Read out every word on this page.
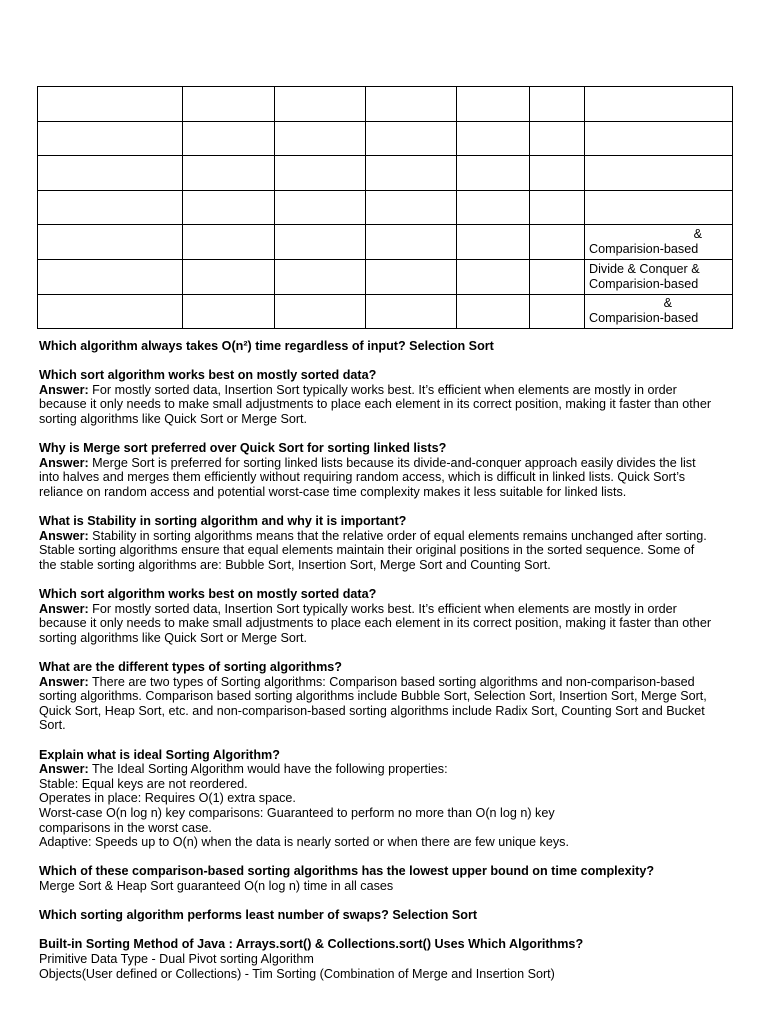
						&
Comparision-based

						Divide & Conquer &
Comparision-based

						&
Comparision-based
Which algorithm always takes O(n²) time regardless of input? Selection Sort
Which sort algorithm works best on mostly sorted data?
Answer: For mostly sorted data, Insertion Sort typically works best. It’s efficient when elements are mostly in order
because it only needs to make small adjustments to place each element in its correct position, making it faster than other
sorting algorithms like Quick Sort or Merge Sort.
Why is Merge sort preferred over Quick Sort for sorting linked lists?
Answer: Merge Sort is preferred for sorting linked lists because its divide-and-conquer approach easily divides the list
into halves and merges them efficiently without requiring random access, which is difficult in linked lists. Quick Sort’s
reliance on random access and potential worst-case time complexity makes it less suitable for linked lists.
What is Stability in sorting algorithm and why it is important?
Answer: Stability in sorting algorithms means that the relative order of equal elements remains unchanged after sorting.
Stable sorting algorithms ensure that equal elements maintain their original positions in the sorted sequence. Some of
the stable sorting algorithms are: Bubble Sort, Insertion Sort, Merge Sort and Counting Sort.
Which sort algorithm works best on mostly sorted data?
Answer: For mostly sorted data, Insertion Sort typically works best. It’s efficient when elements are mostly in order
because it only needs to make small adjustments to place each element in its correct position, making it faster than other
sorting algorithms like Quick Sort or Merge Sort.
What are the different types of sorting algorithms?
Answer: There are two types of Sorting algorithms: Comparison based sorting algorithms and non-comparison-based
sorting algorithms. Comparison based sorting algorithms include Bubble Sort, Selection Sort, Insertion Sort, Merge Sort,
Quick Sort, Heap Sort, etc. and non-comparison-based sorting algorithms include Radix Sort, Counting Sort and Bucket
Sort.
Explain what is ideal Sorting Algorithm?
Answer: The Ideal Sorting Algorithm would have the following properties:
Stable: Equal keys are not reordered.
Operates in place: Requires O(1) extra space.
Worst-case O(n log n) key comparisons: Guaranteed to perform no more than O(n log n) key
comparisons in the worst case.
Adaptive: Speeds up to O(n) when the data is nearly sorted or when there are few unique keys.
Which of these comparison-based sorting algorithms has the lowest upper bound on time complexity?
Merge Sort & Heap Sort guaranteed O(n log n) time in all cases
Which sorting algorithm performs least number of swaps? Selection Sort
Built-in Sorting Method of Java : Arrays.sort() & Collections.sort() Uses Which Algorithms?
Primitive Data Type - Dual Pivot sorting Algorithm
Objects(User defined or Collections) - Tim Sorting (Combination of Merge and Insertion Sort)
